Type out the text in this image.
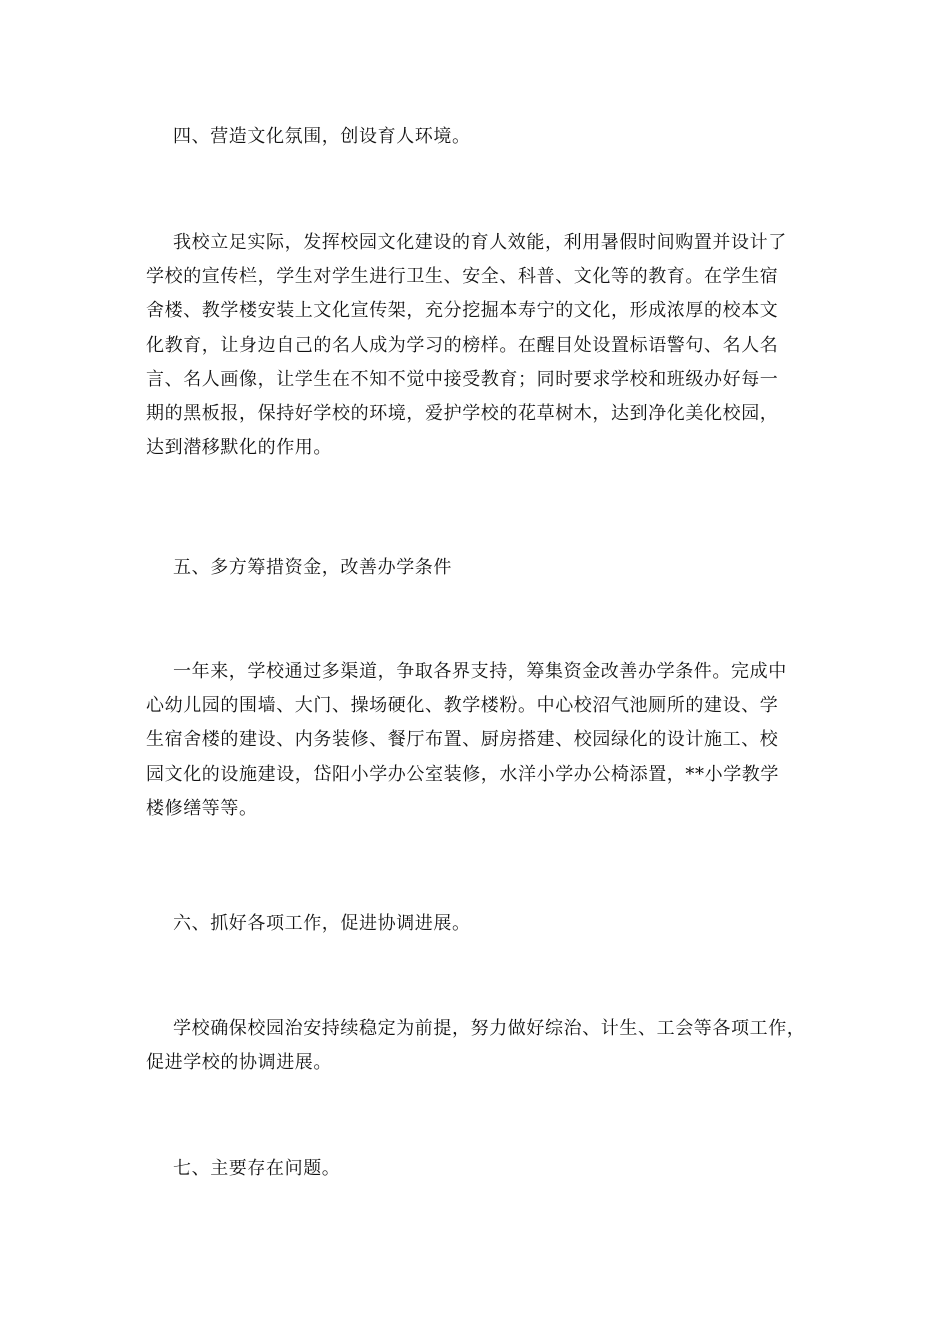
四、营造文化氛围，创设育人环境。
我校立足实际，发挥校园文化建设的育人效能，利用暑假时间购置并设计了
学校的宣传栏，学生对学生进行卫生、安全、科普、文化等的教育。在学生宿
舍楼、教学楼安装上文化宣传架，充分挖掘本寿宁的文化，形成浓厚的校本文
化教育，让身边自己的名人成为学习的榜样。在醒目处设置标语警句、名人名
言、名人画像，让学生在不知不觉中接受教育；同时要求学校和班级办好每一
期的黑板报，保持好学校的环境，爱护学校的花草树木，达到净化美化校园，
达到潜移默化的作用。
五、多方筹措资金，改善办学条件
一年来，学校通过多渠道，争取各界支持，筹集资金改善办学条件。完成中
心幼儿园的围墙、大门、操场硬化、教学楼粉。中心校沼气池厕所的建设、学
生宿舍楼的建设、内务装修、餐厅布置、厨房搭建、校园绿化的设计施工、校
园文化的设施建设，岱阳小学办公室装修，水洋小学办公椅添置，**小学教学
楼修缮等等。
六、抓好各项工作，促进协调进展。
学校确保校园治安持续稳定为前提，努力做好综治、计生、工会等各项工作，
促进学校的协调进展。
七、主要存在问题。
